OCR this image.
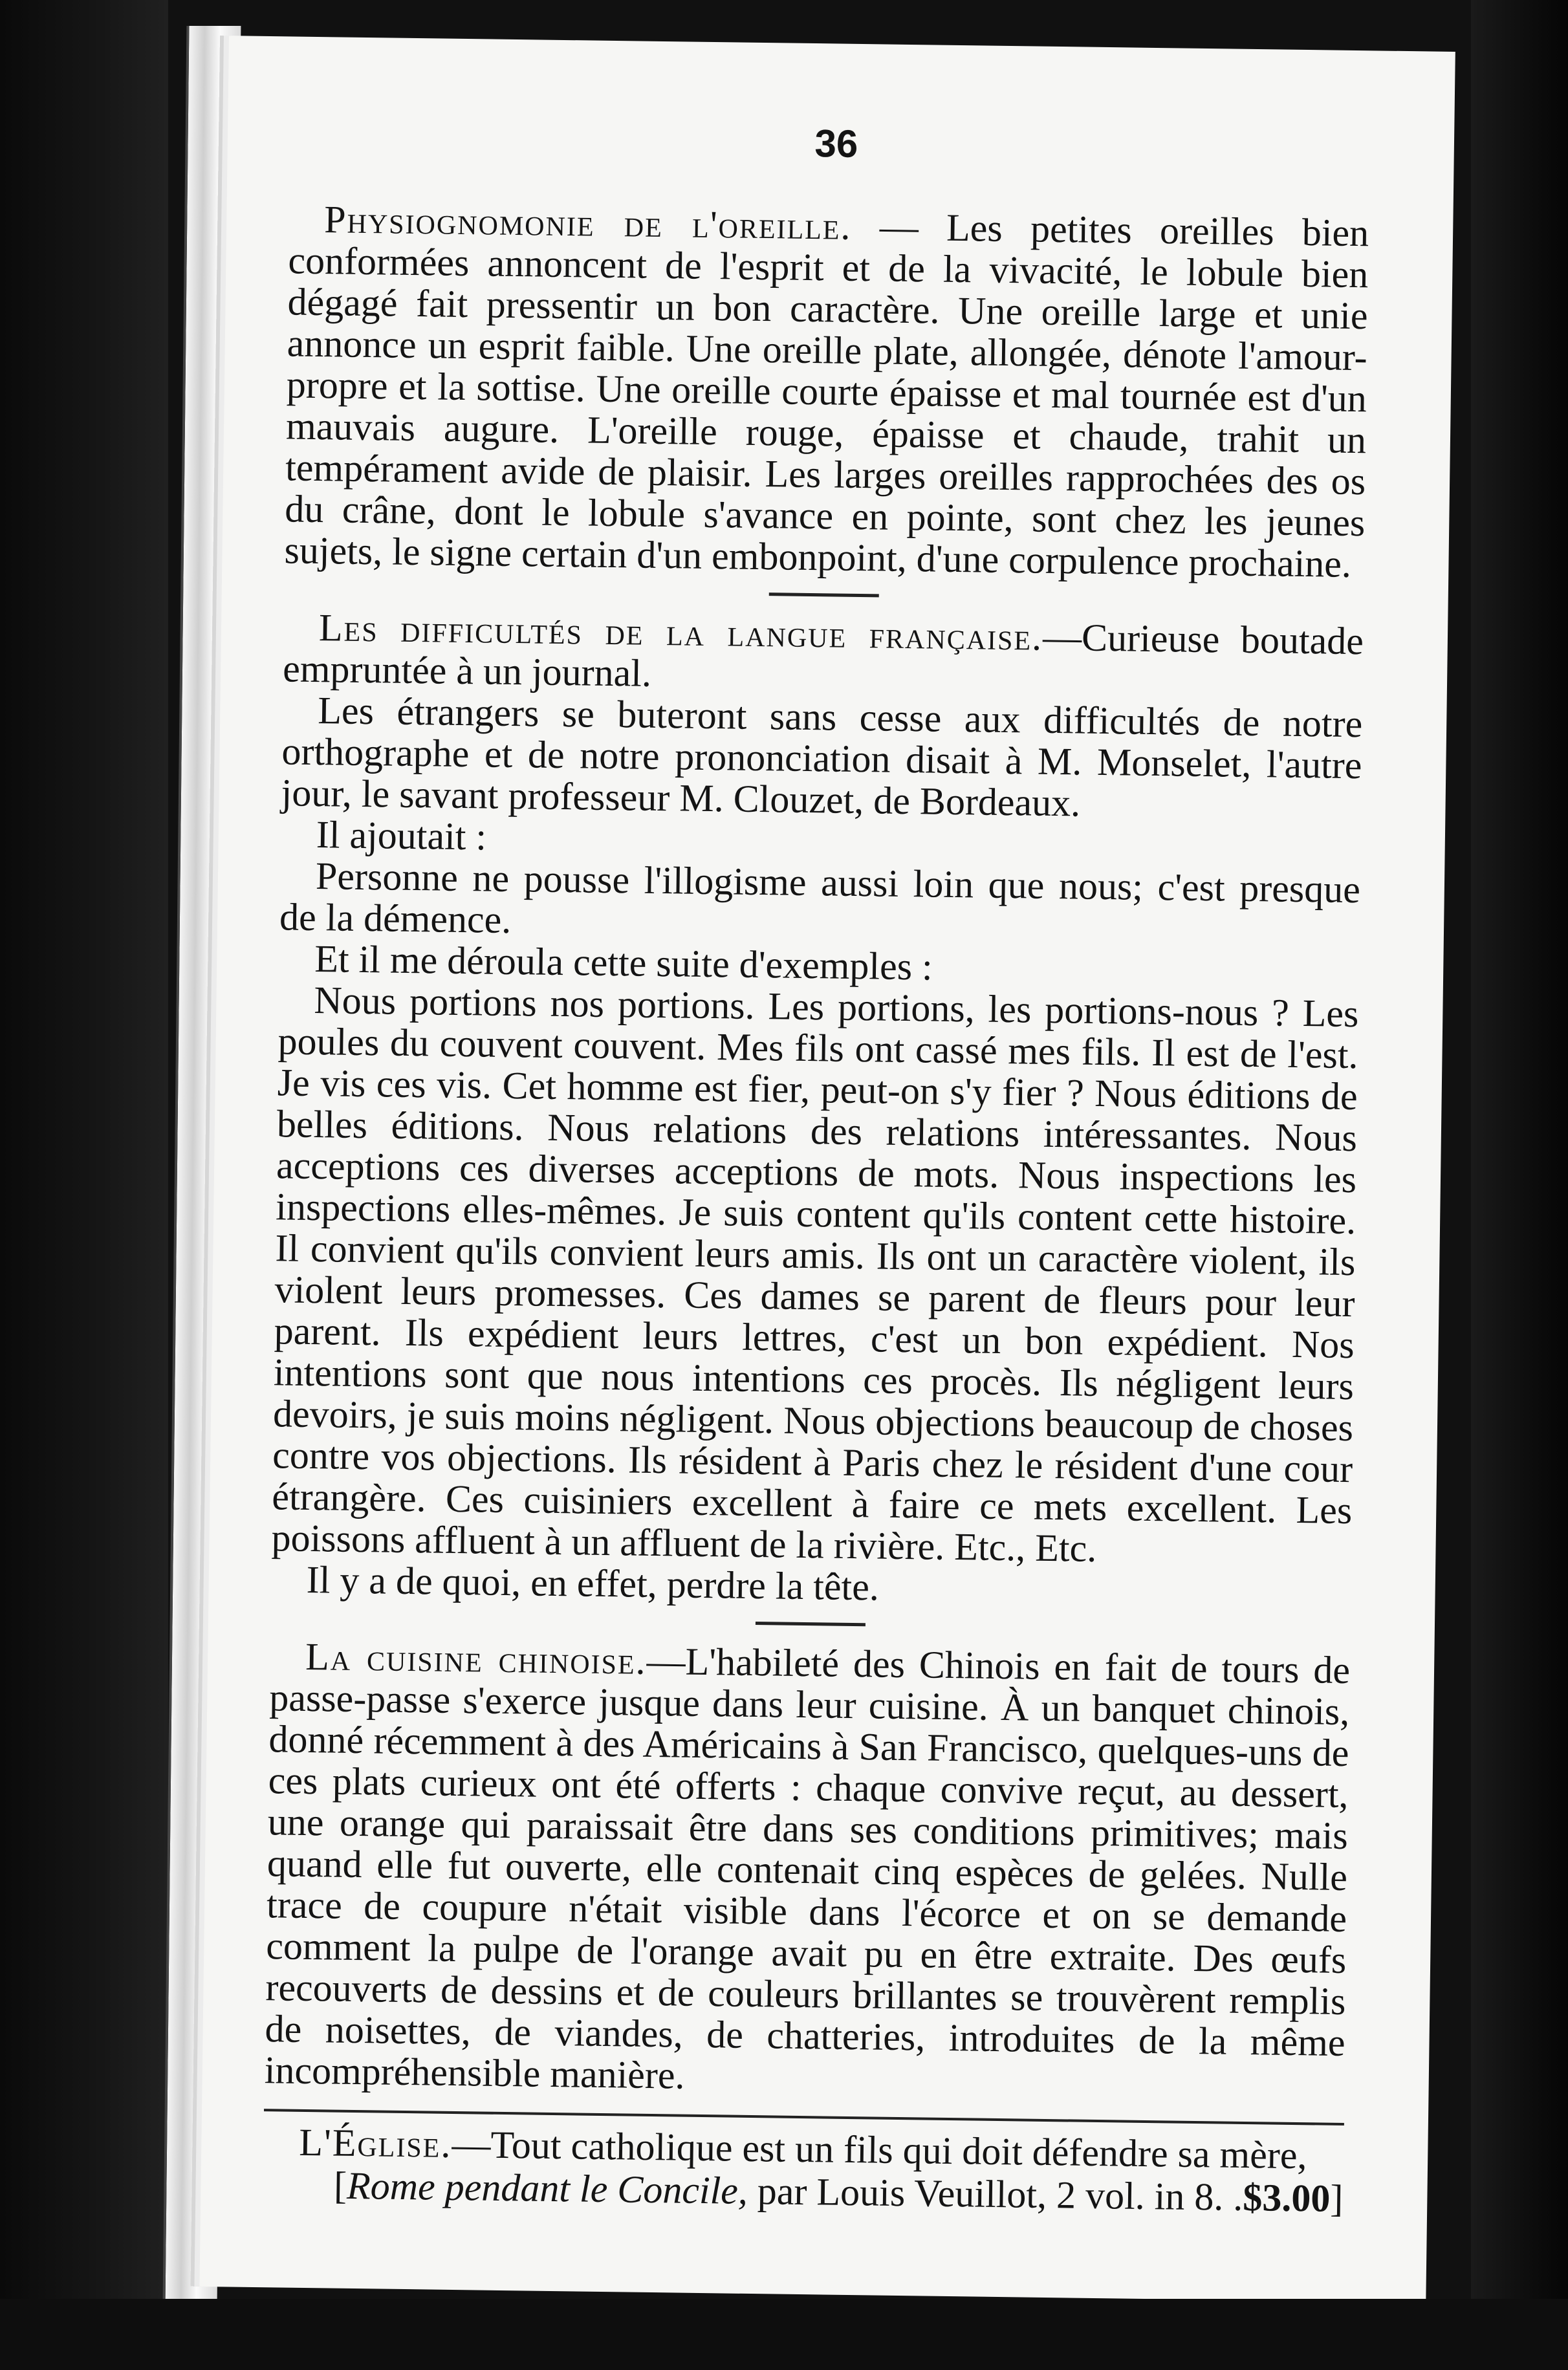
36

Physiognomonie de l'oreille. — Les petites oreilles bien conformées annoncent de l'esprit et de la vivacité, le lobule bien dégagé fait pressentir un bon caractère. Une oreille large et unie annonce un esprit faible. Une oreille plate, allongée, dénote l'amour-propre et la sottise. Une oreille courte épaisse et mal tournée est d'un mauvais augure. L'oreille rouge, épaisse et chaude, trahit un tempérament avide de plaisir. Les larges oreilles rapprochées des os du crâne, dont le lobule s'avance en pointe, sont chez les jeunes sujets, le signe certain d'un embonpoint, d'une corpulence prochaine.

Les difficultés de la langue française.—Curieuse boutade empruntée à un journal.

Les étrangers se buteront sans cesse aux difficultés de notre orthographe et de notre prononciation disait à M. Monselet, l'autre jour, le savant professeur M. Clouzet, de Bordeaux.

Il ajoutait :

Personne ne pousse l'illogisme aussi loin que nous; c'est presque de la démence.

Et il me déroula cette suite d'exemples :

Nous portions nos portions. Les portions, les portions-nous ? Les poules du couvent couvent. Mes fils ont cassé mes fils. Il est de l'est. Je vis ces vis. Cet homme est fier, peut-on s'y fier ? Nous éditions de belles éditions. Nous relations des relations intéressantes. Nous acceptions ces diverses acceptions de mots. Nous inspections les inspections elles-mêmes. Je suis content qu'ils content cette histoire. Il convient qu'ils convient leurs amis. Ils ont un caractère violent, ils violent leurs promesses. Ces dames se parent de fleurs pour leur parent. Ils expédient leurs lettres, c'est un bon expédient. Nos intentions sont que nous intentions ces procès. Ils négligent leurs devoirs, je suis moins négligent. Nous objections beaucoup de choses contre vos objections. Ils résident à Paris chez le résident d'une cour étrangère. Ces cuisiniers excellent à faire ce mets excellent. Les poissons affluent à un affluent de la rivière. Etc., Etc.

Il y a de quoi, en effet, perdre la tête.

La cuisine chinoise.—L'habileté des Chinois en fait de tours de passe-passe s'exerce jusque dans leur cuisine. À un banquet chinois, donné récemment à des Américains à San Francisco, quelques-uns de ces plats curieux ont été offerts : chaque convive reçut, au dessert, une orange qui paraissait être dans ses conditions primitives; mais quand elle fut ouverte, elle contenait cinq espèces de gelées. Nulle trace de coupure n'était visible dans l'écorce et on se demande comment la pulpe de l'orange avait pu en être extraite. Des œufs recouverts de dessins et de couleurs brillantes se trouvèrent remplis de noisettes, de viandes, de chatteries, introduites de la même incompréhensible manière.

L'Église.—Tout catholique est un fils qui doit défendre sa mère,

[Rome pendant le Concile, par Louis Veuillot, 2 vol. in 8. .$3.00]
